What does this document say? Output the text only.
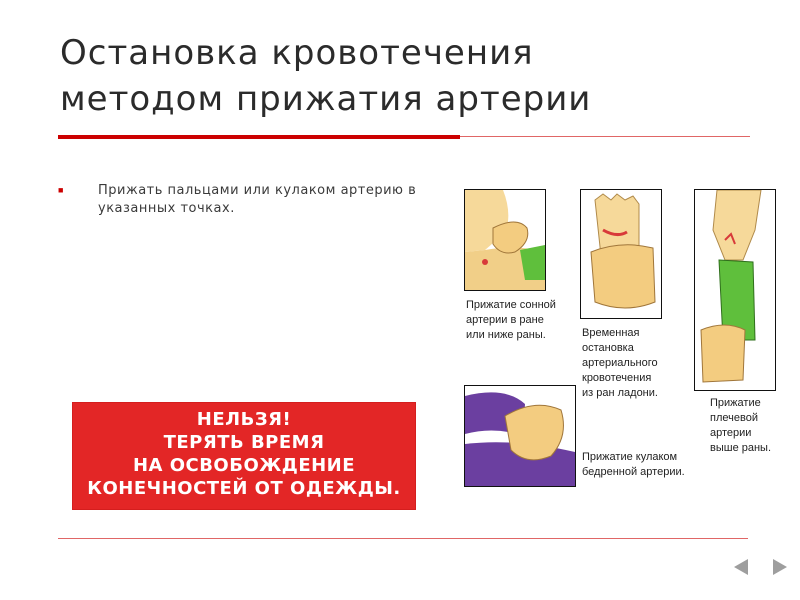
Остановка кровотечения
методом прижатия артерии
■	Прижать пальцами или кулаком артерию в указанных точках.
НЕЛЬЗЯ!
ТЕРЯТЬ ВРЕМЯ
НА ОСВОБОЖДЕНИЕ
КОНЕЧНОСТЕЙ ОТ ОДЕЖДЫ.
Прижатие сонной
артерии в ране
или ниже раны.	Временная
остановка
артериального
кровотечения
из ран ладони.
Прижатие
плечевой
артерии
выше раны.
Прижатие кулаком
бедренной артерии.
